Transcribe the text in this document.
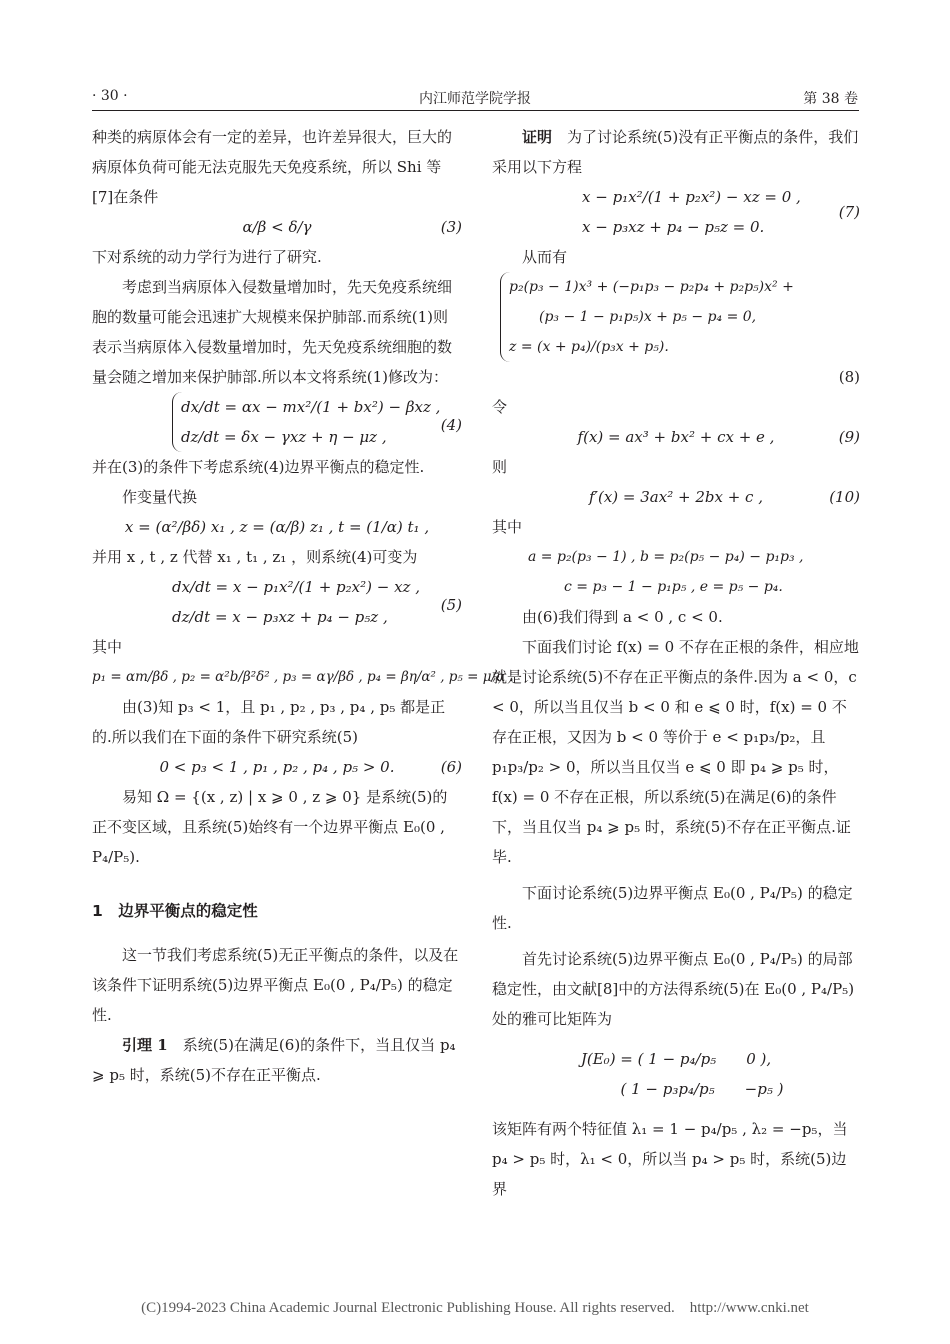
· 30 ·	内江师范学院学报	第 38 卷

种类的病原体会有一定的差异，也许差异很大，巨大的病原体负荷可能无法克服先天免疫系统，所以 Shi 等[7]在条件

α/β < δ/γ	(3)

下对系统的动力学行为进行了研究.

考虑到当病原体入侵数量增加时，先天免疫系统细胞的数量可能会迅速扩大规模来保护肺部.而系统(1)则表示当病原体入侵数量增加时，先天免疫系统细胞的数量会随之增加来保护肺部.所以本文将系统(1)修改为：

dx/dt = αx − mx²/(1 + bx²) − βxz ,
dz/dt = δx − γxz + η − μz ,
(4)

并在(3)的条件下考虑系统(4)边界平衡点的稳定性.

作变量代换

x = (α²/βδ) x₁ , z = (α/β) z₁ , t = (1/α) t₁ ,

并用 x , t , z 代替 x₁ , t₁ , z₁ ，则系统(4)可变为

dx/dt = x − p₁x²/(1 + p₂x²) − xz ,
dz/dt = x − p₃xz + p₄ − p₅z ,
(5)

其中

p₁ = αm/βδ , p₂ = α²b/β²δ² , p₃ = αγ/βδ , p₄ = βη/α² , p₅ = μ/α .

由(3)知 p₃ < 1，且 p₁ , p₂ , p₃ , p₄ , p₅ 都是正的.所以我们在下面的条件下研究系统(5)

0 < p₃ < 1 , p₁ , p₂ , p₄ , p₅ > 0.	(6)

易知 Ω = {(x , z) | x ⩾ 0 , z ⩾ 0} 是系统(5)的正不变区域，且系统(5)始终有一个边界平衡点 E₀(0 , P₄/P₅).

1　边界平衡点的稳定性

这一节我们考虑系统(5)无正平衡点的条件，以及在该条件下证明系统(5)边界平衡点 E₀(0 , P₄/P₅) 的稳定性.

引理 1　 系统(5)在满足(6)的条件下，当且仅当 p₄ ⩾ p₅ 时，系统(5)不存在正平衡点.

证明　 为了讨论系统(5)没有正平衡点的条件，我们采用以下方程

x − p₁x²/(1 + p₂x²) − xz = 0 ,
x − p₃xz + p₄ − p₅z = 0.
(7)

从而有

p₂(p₃ − 1)x³ + (−p₁p₃ − p₂p₄ + p₂p₅)x² +
(p₃ − 1 − p₁p₅)x + p₅ − p₄ = 0,
z = (x + p₄)/(p₃x + p₅).
(8)

令

f(x) = ax³ + bx² + cx + e ,	(9)

则

f′(x) = 3ax² + 2bx + c ,	(10)

其中

a = p₂(p₃ − 1) , b = p₂(p₅ − p₄) − p₁p₃ ,
c = p₃ − 1 − p₁p₅ , e = p₅ − p₄.

由(6)我们得到 a < 0 , c < 0.

下面我们讨论 f(x) = 0 不存在正根的条件，相应地就是讨论系统(5)不存在正平衡点的条件.因为 a < 0，c < 0，所以当且仅当 b < 0 和 e ⩽ 0 时，f(x) = 0 不存在正根，又因为 b < 0 等价于 e < p₁p₃/p₂，且 p₁p₃/p₂ > 0，所以当且仅当 e ⩽ 0 即 p₄ ⩾ p₅ 时，f(x) = 0 不存在正根，所以系统(5)在满足(6)的条件下，当且仅当 p₄ ⩾ p₅ 时，系统(5)不存在正平衡点.证毕.

下面讨论系统(5)边界平衡点 E₀(0 , P₄/P₅) 的稳定性.

首先讨论系统(5)边界平衡点 E₀(0 , P₄/P₅) 的局部稳定性，由文献[8]中的方法得系统(5)在 E₀(0 , P₄/P₅) 处的雅可比矩阵为

J(E₀) = ( 1 − p₄/p₅　　0 ),
( 1 − p₃p₄/p₅　　−p₅ )

该矩阵有两个特征值 λ₁ = 1 − p₄/p₅ , λ₂ = −p₅，当 p₄ > p₅ 时，λ₁ < 0，所以当 p₄ > p₅ 时，系统(5)边界

(C)1994-2023 China Academic Journal Electronic Publishing House. All rights reserved.　http://www.cnki.net
